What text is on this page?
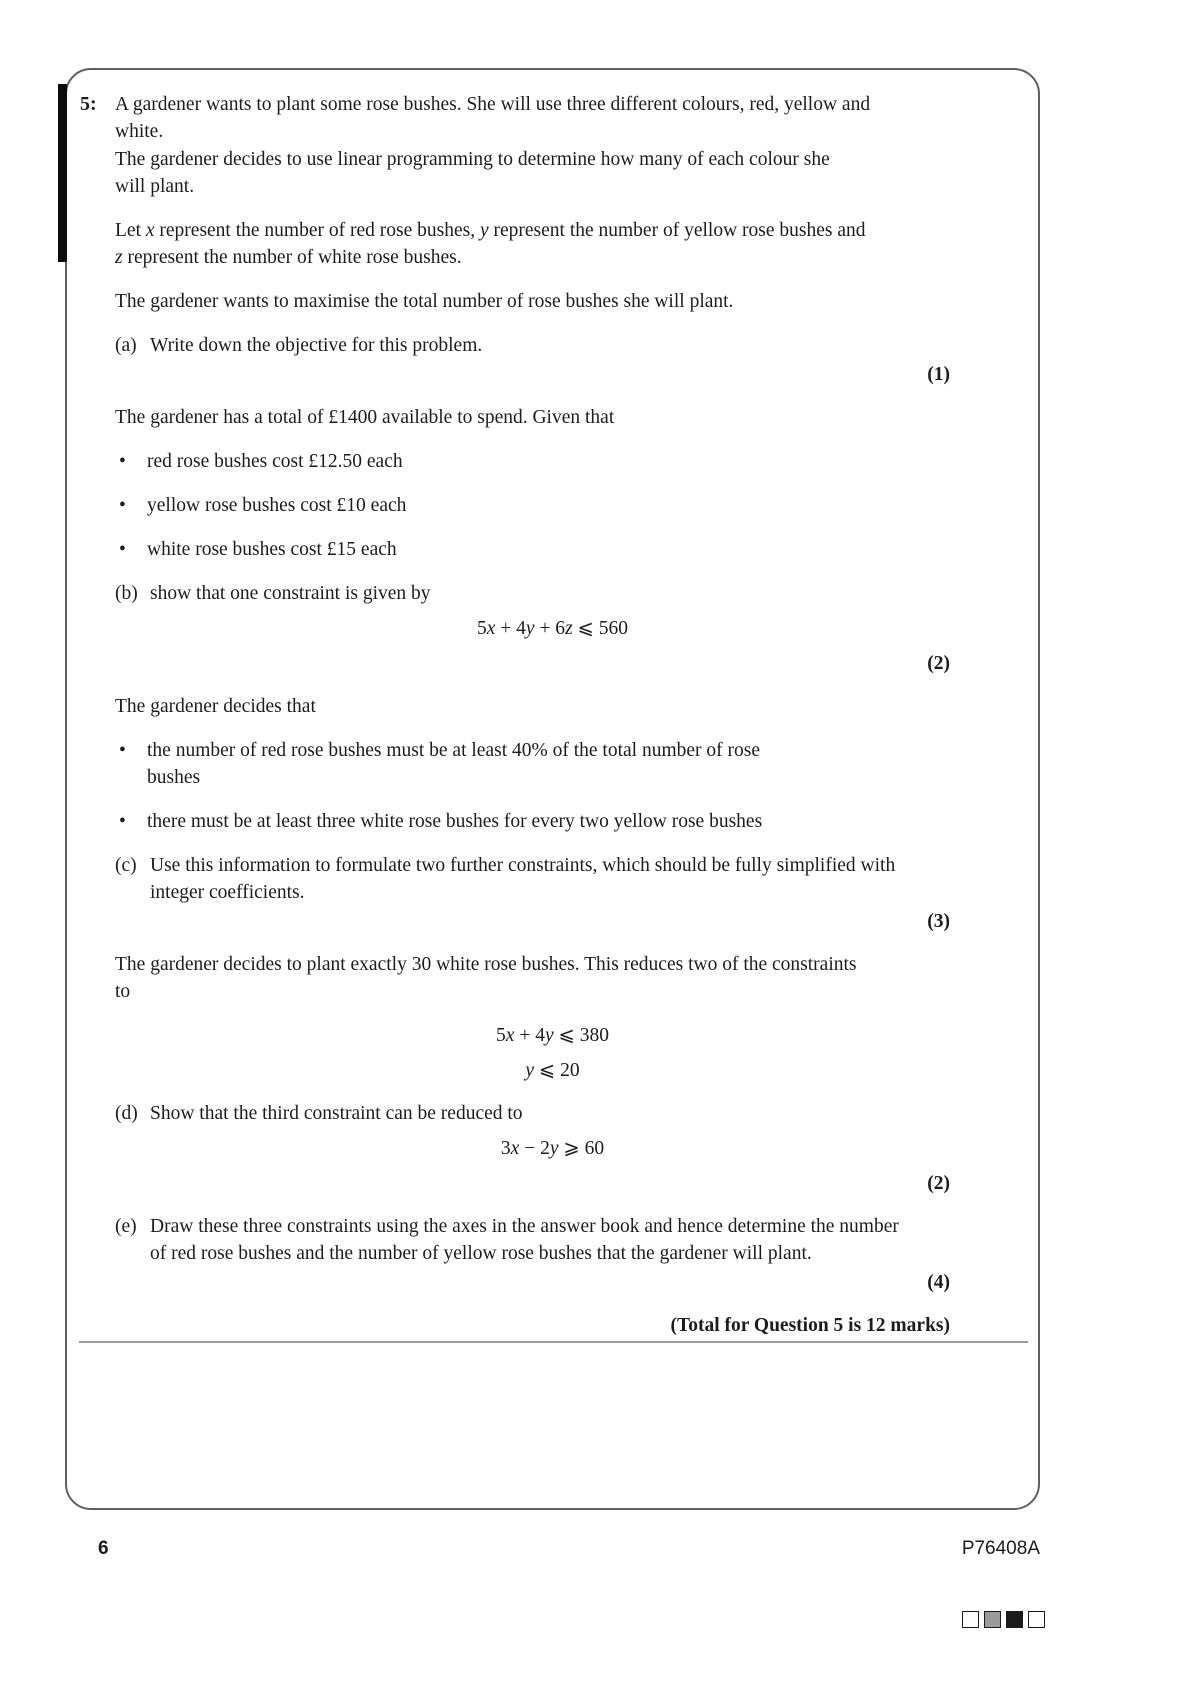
5: A gardener wants to plant some rose bushes. She will use three different colours, red, yellow and white.

The gardener decides to use linear programming to determine how many of each colour she will plant.

Let x represent the number of red rose bushes, y represent the number of yellow rose bushes and z represent the number of white rose bushes.

The gardener wants to maximise the total number of rose bushes she will plant.

(a) Write down the objective for this problem.
(1)

The gardener has a total of £1400 available to spend. Given that

•	red rose bushes cost £12.50 each
•	yellow rose bushes cost £10 each
•	white rose bushes cost £15 each
(b) show that one constraint is given by
5x + 4y + 6z ⩽ 560
(2)

The gardener decides that

•	the number of red rose bushes must be at least 40% of the total number of rose bushes
•	there must be at least three white rose bushes for every two yellow rose bushes
(c) Use this information to formulate two further constraints, which should be fully simplified with integer coefficients.
(3)

The gardener decides to plant exactly 30 white rose bushes. This reduces two of the constraints to

5x + 4y ⩽ 380
y ⩽ 20
(d) Show that the third constraint can be reduced to
3x − 2y ⩾ 60
(2)
(e) Draw these three constraints using the axes in the answer book and hence determine the number of red rose bushes and the number of yellow rose bushes that the gardener will plant.
(4)
(Total for Question 5 is 12 marks)
6	P76408A
